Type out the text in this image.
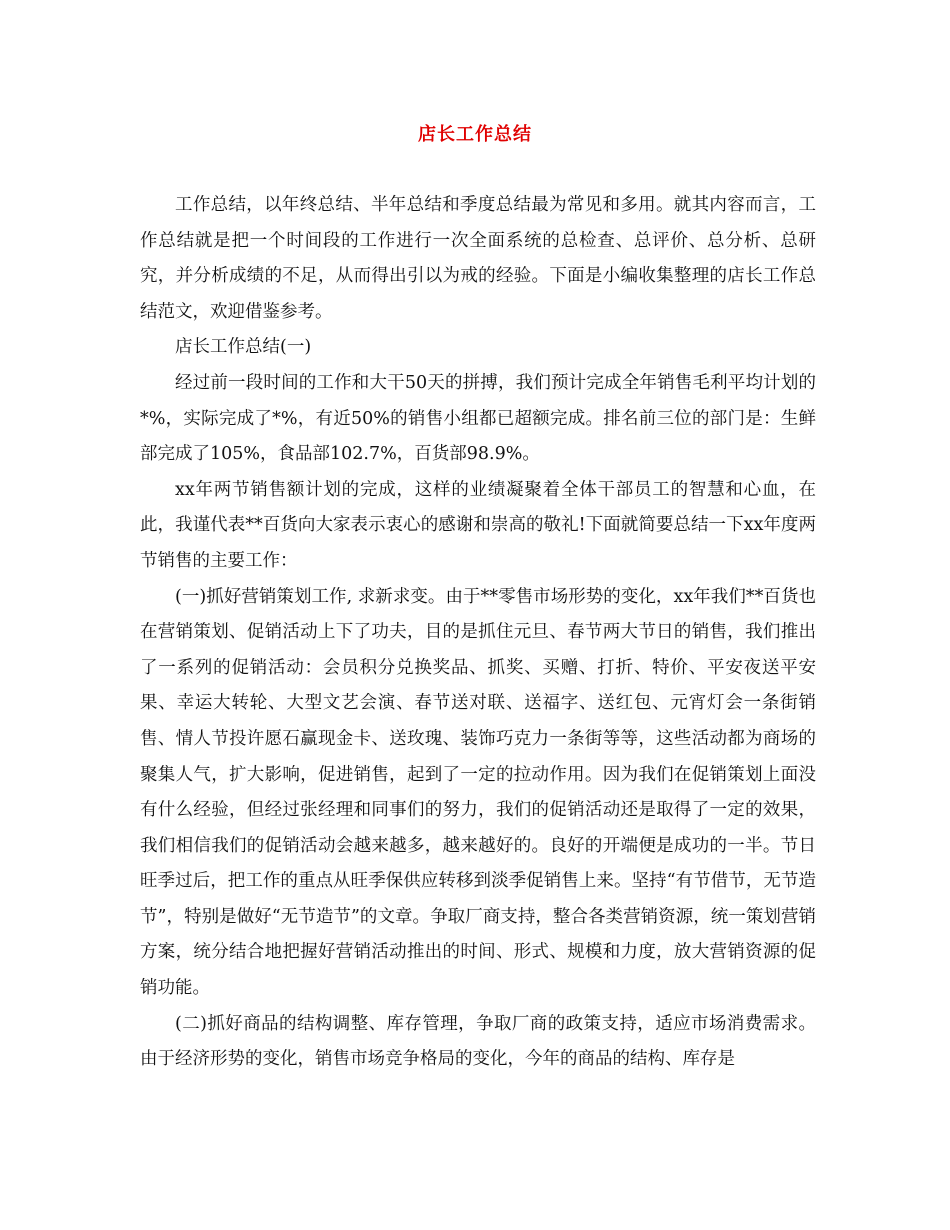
店长工作总结

工作总结，以年终总结、半年总结和季度总结最为常见和多用。就其内容而言，工作总结就是把一个时间段的工作进行一次全面系统的总检查、总评价、总分析、总研究，并分析成绩的不足，从而得出引以为戒的经验。下面是小编收集整理的店长工作总结范文，欢迎借鉴参考。

店长工作总结(一)

经过前一段时间的工作和大干50天的拼搏，我们预计完成全年销售毛利平均计划的*%，实际完成了*%，有近50%的销售小组都已超额完成。排名前三位的部门是：生鲜部完成了105%，食品部102.7%，百货部98.9%。

xx年两节销售额计划的完成，这样的业绩凝聚着全体干部员工的智慧和心血，在此，我谨代表**百货向大家表示衷心的感谢和崇高的敬礼!下面就简要总结一下xx年度两节销售的主要工作：

(一)抓好营销策划工作, 求新求变。由于**零售市场形势的变化，xx年我们**百货也在营销策划、促销活动上下了功夫，目的是抓住元旦、春节两大节日的销售，我们推出了一系列的促销活动：会员积分兑换奖品、抓奖、买赠、打折、特价、平安夜送平安果、幸运大转轮、大型文艺会演、春节送对联、送福字、送红包、元宵灯会一条街销售、情人节投许愿石赢现金卡、送玫瑰、装饰巧克力一条街等等，这些活动都为商场的聚集人气，扩大影响，促进销售，起到了一定的拉动作用。因为我们在促销策划上面没有什么经验，但经过张经理和同事们的努力，我们的促销活动还是取得了一定的效果，我们相信我们的促销活动会越来越多，越来越好的。良好的开端便是成功的一半。节日旺季过后，把工作的重点从旺季保供应转移到淡季促销售上来。坚持“有节借节，无节造节”，特别是做好“无节造节”的文章。争取厂商支持，整合各类营销资源，统一策划营销方案，统分结合地把握好营销活动推出的时间、形式、规模和力度，放大营销资源的促销功能。

(二)抓好商品的结构调整、库存管理，争取厂商的政策支持，适应市场消费需求。由于经济形势的变化，销售市场竞争格局的变化，今年的商品的结构、库存是
